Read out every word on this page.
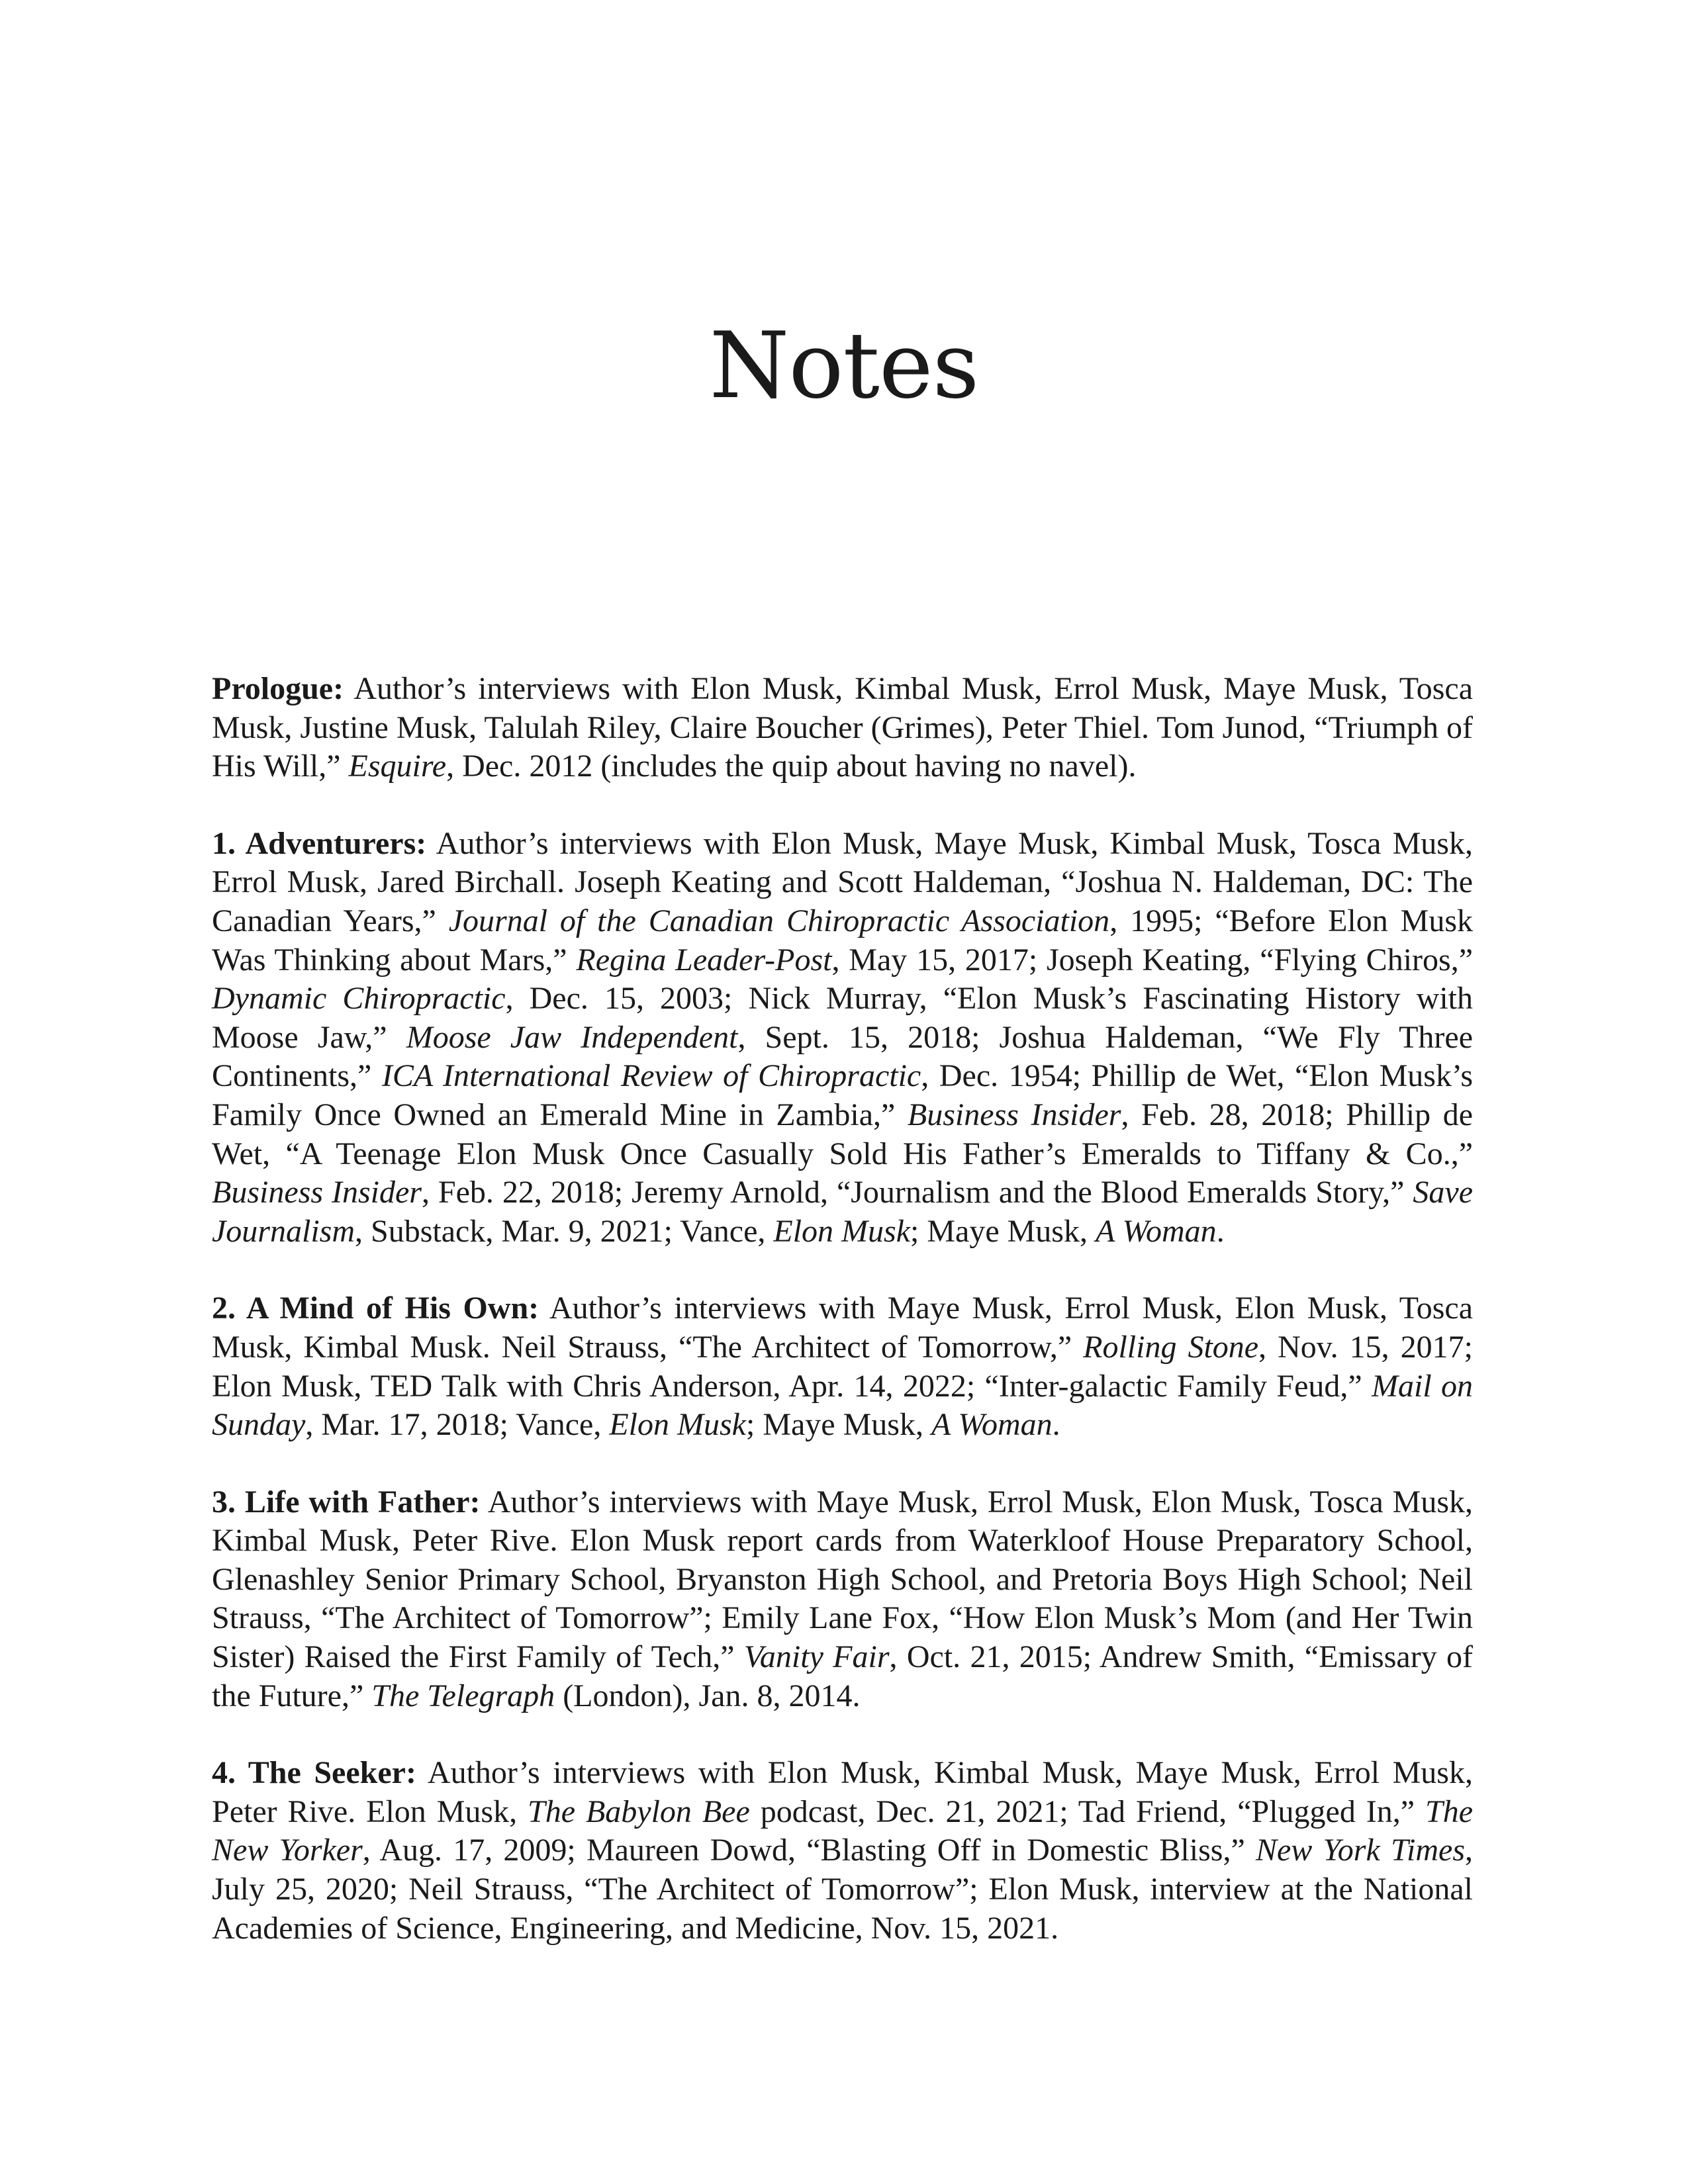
Notes

Prologue: Author’s interviews with Elon Musk, Kimbal Musk, Errol Musk, Maye Musk, Tosca Musk, Justine Musk, Talulah Riley, Claire Boucher (Grimes), Peter Thiel. Tom Junod, “Triumph of His Will,” Esquire, Dec. 2012 (includes the quip about having no navel).

1. Adventurers: Author’s interviews with Elon Musk, Maye Musk, Kimbal Musk, Tosca Musk, Errol Musk, Jared Birchall. Joseph Keating and Scott Haldeman, “Joshua N. Haldeman, DC: The Canadian Years,” Journal of the Canadian Chiropractic Association, 1995; “Before Elon Musk Was Thinking about Mars,” Regina Leader-Post, May 15, 2017; Joseph Keating, “Flying Chiros,” Dynamic Chiropractic, Dec. 15, 2003; Nick Murray, “Elon Musk’s Fascinating History with Moose Jaw,” Moose Jaw Independent, Sept. 15, 2018; Joshua Haldeman, “We Fly Three Continents,” ICA International Review of Chiropractic, Dec. 1954; Phillip de Wet, “Elon Musk’s Family Once Owned an Emerald Mine in Zambia,” Business Insider, Feb. 28, 2018; Phillip de Wet, “A Teenage Elon Musk Once Casually Sold His Father’s Emeralds to Tiffany & Co.,” Business Insider, Feb. 22, 2018; Jeremy Arnold, “Journalism and the Blood Emeralds Story,” Save Journalism, Substack, Mar. 9, 2021; Vance, Elon Musk; Maye Musk, A Woman.

2. A Mind of His Own: Author’s interviews with Maye Musk, Errol Musk, Elon Musk, Tosca Musk, Kimbal Musk. Neil Strauss, “The Architect of Tomorrow,” Rolling Stone, Nov. 15, 2017; Elon Musk, TED Talk with Chris Anderson, Apr. 14, 2022; “Inter-galactic Family Feud,” Mail on Sunday, Mar. 17, 2018; Vance, Elon Musk; Maye Musk, A Woman.

3. Life with Father: Author’s interviews with Maye Musk, Errol Musk, Elon Musk, Tosca Musk, Kimbal Musk, Peter Rive. Elon Musk report cards from Waterkloof House Preparatory School, Glenashley Senior Primary School, Bryanston High School, and Pretoria Boys High School; Neil Strauss, “The Architect of Tomorrow”; Emily Lane Fox, “How Elon Musk’s Mom (and Her Twin Sister) Raised the First Family of Tech,” Vanity Fair, Oct. 21, 2015; Andrew Smith, “Emissary of the Future,” The Telegraph (London), Jan. 8, 2014.

4. The Seeker: Author’s interviews with Elon Musk, Kimbal Musk, Maye Musk, Errol Musk, Peter Rive. Elon Musk, The Babylon Bee podcast, Dec. 21, 2021; Tad Friend, “Plugged In,” The New Yorker, Aug. 17, 2009; Maureen Dowd, “Blasting Off in Domestic Bliss,” New York Times, July 25, 2020; Neil Strauss, “The Architect of Tomorrow”; Elon Musk, interview at the National Academies of Science, Engineering, and Medicine, Nov. 15, 2021.
